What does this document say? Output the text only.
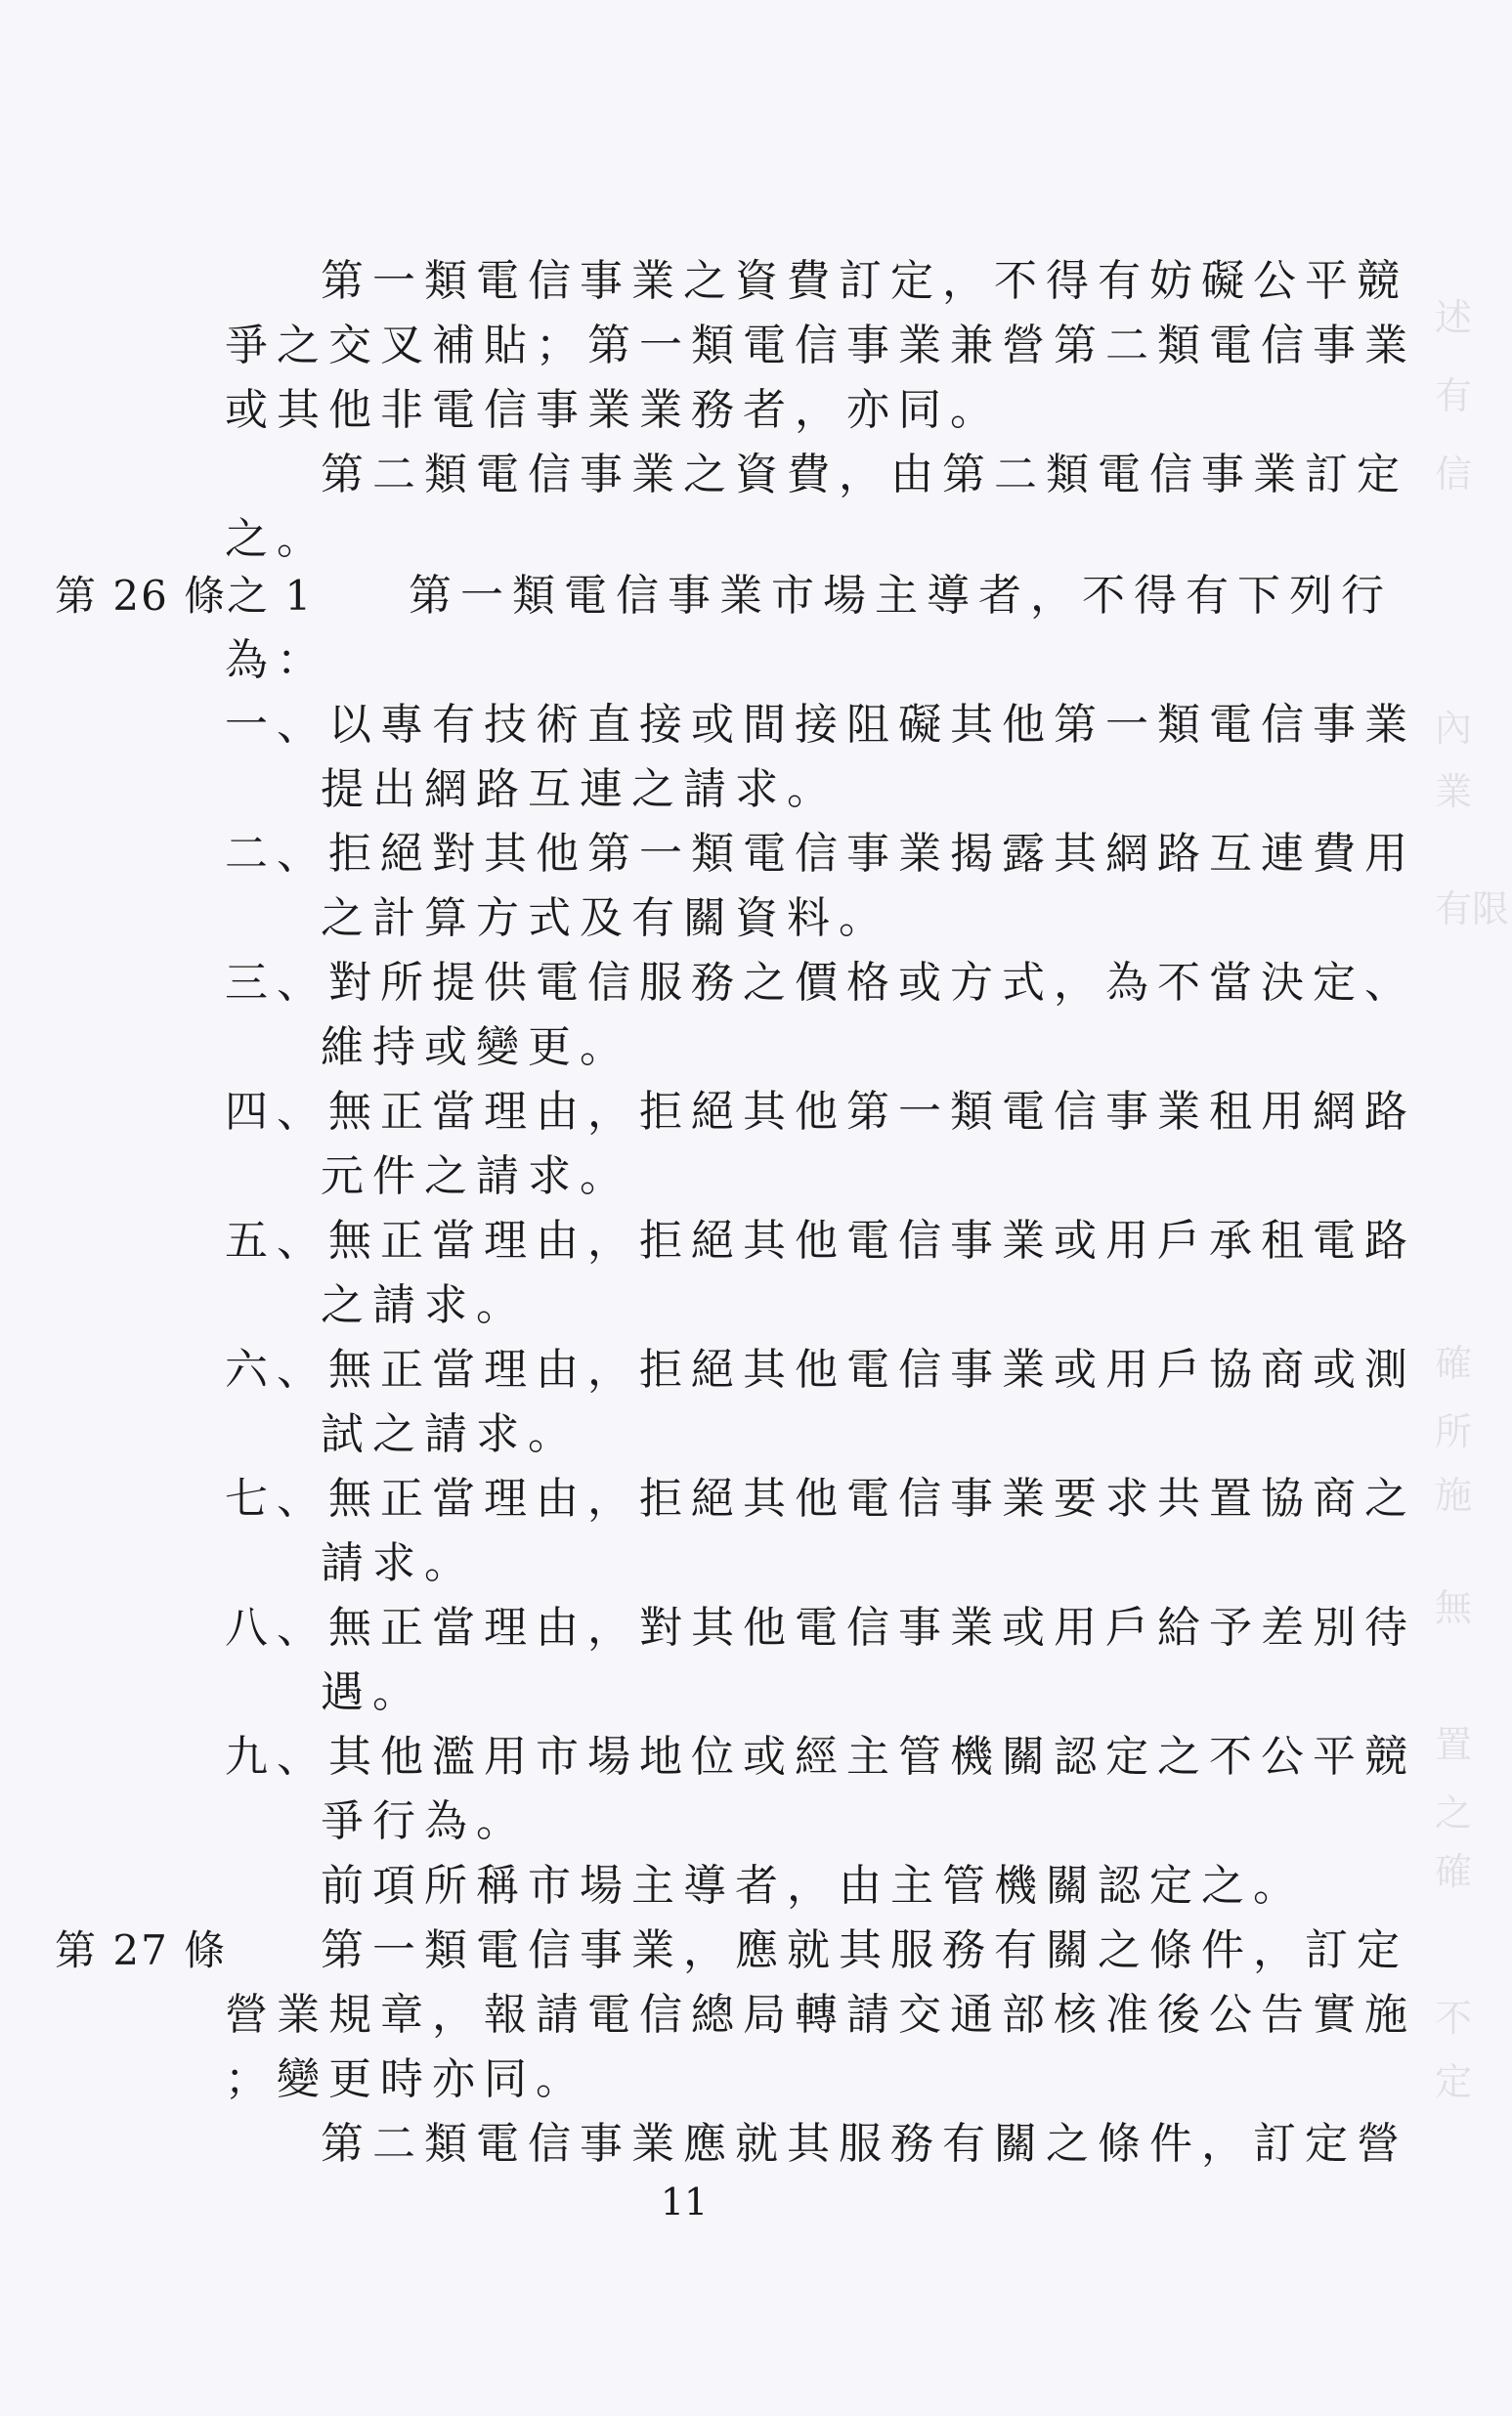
第一類電信事業之資費訂定，不得有妨礙公平競
爭之交叉補貼；第一類電信事業兼營第二類電信事業
或其他非電信事業業務者，亦同。
第二類電信事業之資費，由第二類電信事業訂定
之。
第 26 條之 1 第一類電信事業市場主導者，不得有下列行
為：
一、以專有技術直接或間接阻礙其他第一類電信事業
提出網路互連之請求。
二、拒絕對其他第一類電信事業揭露其網路互連費用
之計算方式及有關資料。
三、對所提供電信服務之價格或方式，為不當決定、
維持或變更。
四、無正當理由，拒絕其他第一類電信事業租用網路
元件之請求。
五、無正當理由，拒絕其他電信事業或用戶承租電路
之請求。
六、無正當理由，拒絕其他電信事業或用戶協商或測
試之請求。
七、無正當理由，拒絕其他電信事業要求共置協商之
請求。
八、無正當理由，對其他電信事業或用戶給予差別待
遇。
九、其他濫用市場地位或經主管機關認定之不公平競
爭行為。
前項所稱市場主導者，由主管機關認定之。
第 27 條 第一類電信事業，應就其服務有關之條件，訂定
營業規章，報請電信總局轉請交通部核准後公告實施
；變更時亦同。
第二類電信事業應就其服務有關之條件，訂定營
11
述
有
信
內
業
有限
確
所
施
無
置
之
確
不
定
